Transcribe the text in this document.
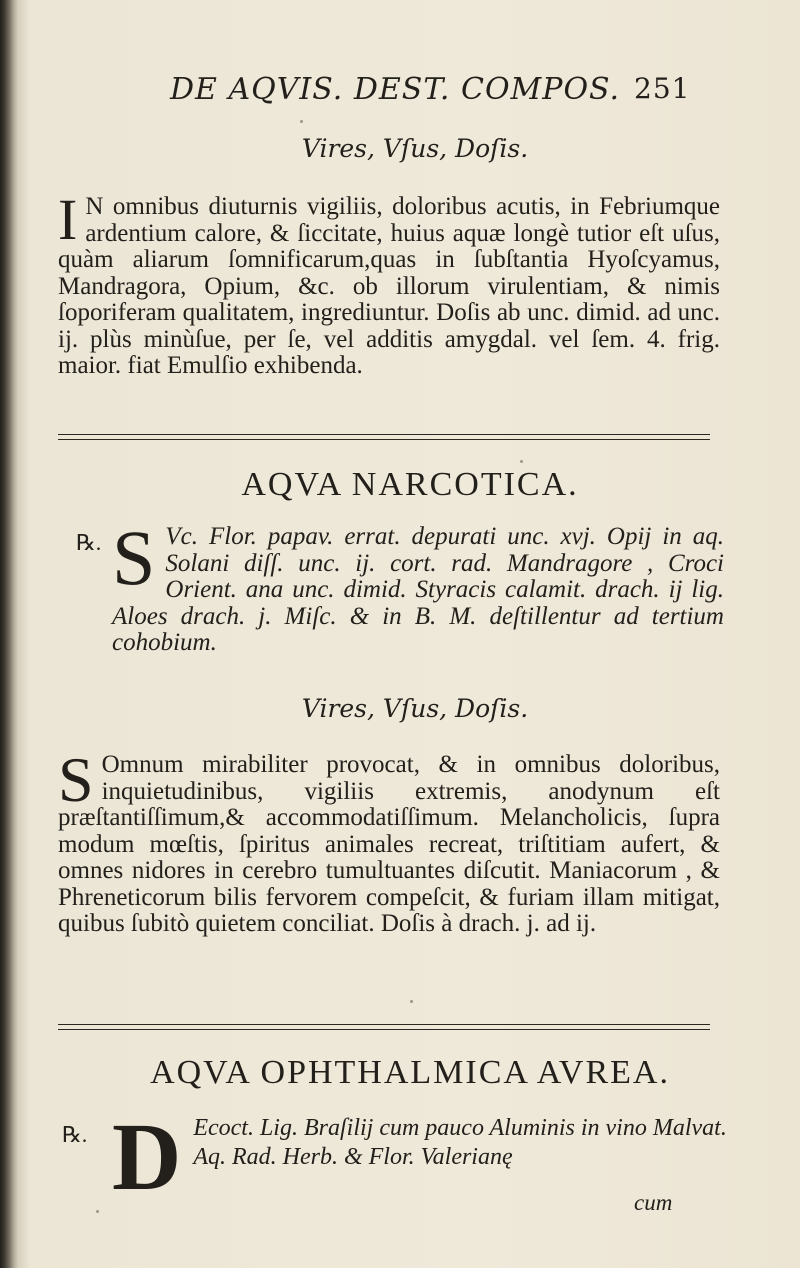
DE AQVIS. DEST. COMPOS. 251
Vires, Vſus, Doſis.
I N omnibus diuturnis vigiliis, doloribus acutis, in Febriumque ardentium calore, & ſiccitate, huius aquæ longè tutior eſt uſus, quàm aliarum ſomnificarum,quas in ſubſtantia Hyoſcyamus, Mandragora, Opium, &c. ob illorum virulentiam, & nimis ſoporiferam qualitatem, ingrediuntur. Doſis ab unc. dimid. ad unc. ij. plùs minùſue, per ſe, vel additis amygdal. vel ſem. 4. frig. maior. fiat Emulſio exhibenda.
AQVA NARCOTICA.
℞. S Vc. Flor. papav. errat. depurati unc. xvj. Opij in aq. Solani diſſ. unc. ij. cort. rad. Mandragore , Croci Orient. ana unc. dimid. Styracis calamit. drach. ij lig. Aloes drach. j. Miſc. & in B. M. deſtillentur ad tertium cohobium.
Vires, Vſus, Doſis.
S Omnum mirabiliter provocat, & in omnibus doloribus, inquietudinibus, vigiliis extremis, anodynum eſt præſtantiſſimum,& accommodatiſſimum. Melancholicis, ſupra modum mœſtis, ſpiritus animales recreat, triſtitiam aufert, & omnes nidores in cerebro tumultuantes diſcutit. Maniacorum , & Phreneticorum bilis fervorem compeſcit, & furiam illam mitigat, quibus ſubitò quietem conciliat. Doſis à drach. j. ad ij.
AQVA OPHTHALMICA AVREA.
℞. D Ecoct. Lig. Braſilij cum pauco Aluminis in vino Malvat. Aq. Rad. Herb. & Flor. Valerianę
cum
